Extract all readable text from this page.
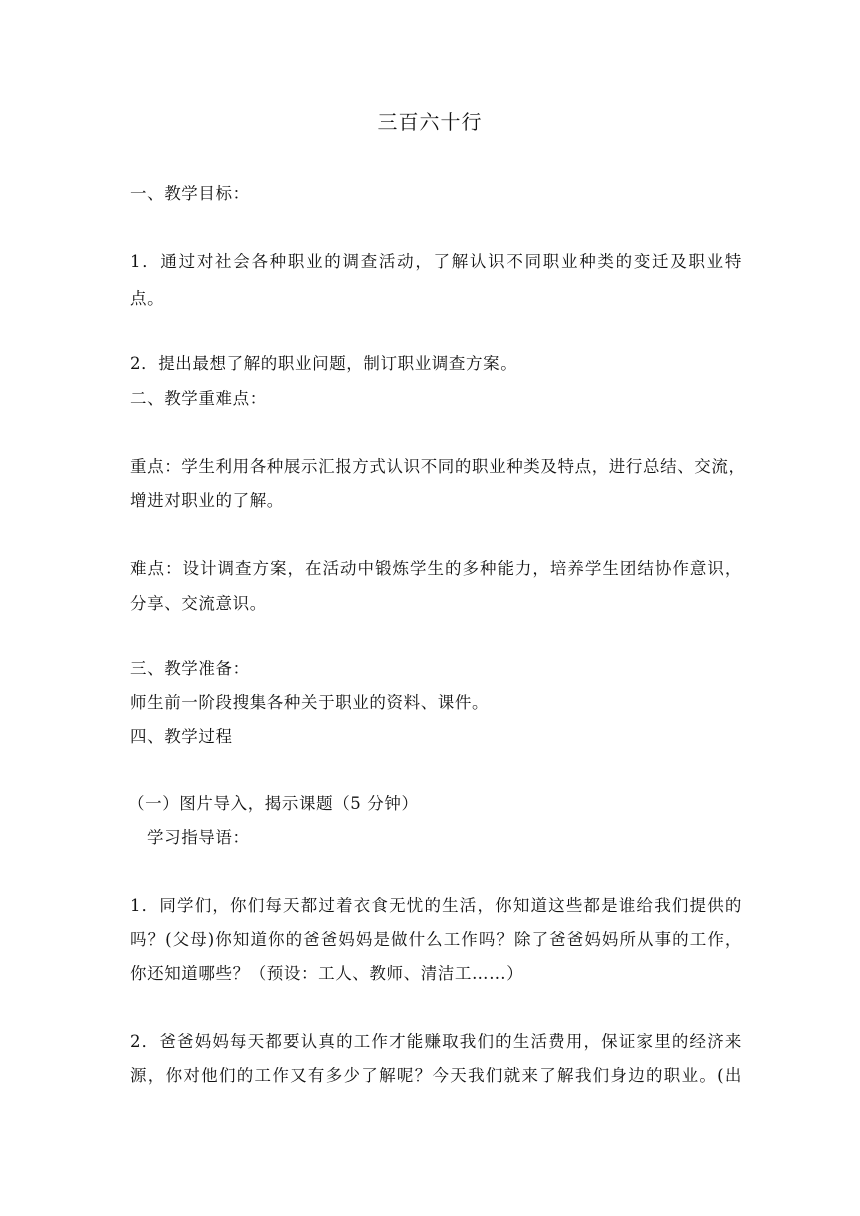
三百六十行
一、教学目标：
1．通过对社会各种职业的调查活动，了解认识不同职业种类的变迁及职业特
点。
2．提出最想了解的职业问题，制订职业调查方案。
二、教学重难点：
重点：学生利用各种展示汇报方式认识不同的职业种类及特点，进行总结、交流，
增进对职业的了解。
难点：设计调查方案，在活动中锻炼学生的多种能力，培养学生团结协作意识，
分享、交流意识。
三、教学准备：
师生前一阶段搜集各种关于职业的资料、课件。
四、教学过程
（一）图片导入，揭示课题（5 分钟）
学习指导语：
1．同学们，你们每天都过着衣食无忧的生活，你知道这些都是谁给我们提供的
吗？(父母)你知道你的爸爸妈妈是做什么工作吗？除了爸爸妈妈所从事的工作，
你还知道哪些？（预设：工人、教师、清洁工……）
2．爸爸妈妈每天都要认真的工作才能赚取我们的生活费用，保证家里的经济来
源，你对他们的工作又有多少了解呢？今天我们就来了解我们身边的职业。(出
